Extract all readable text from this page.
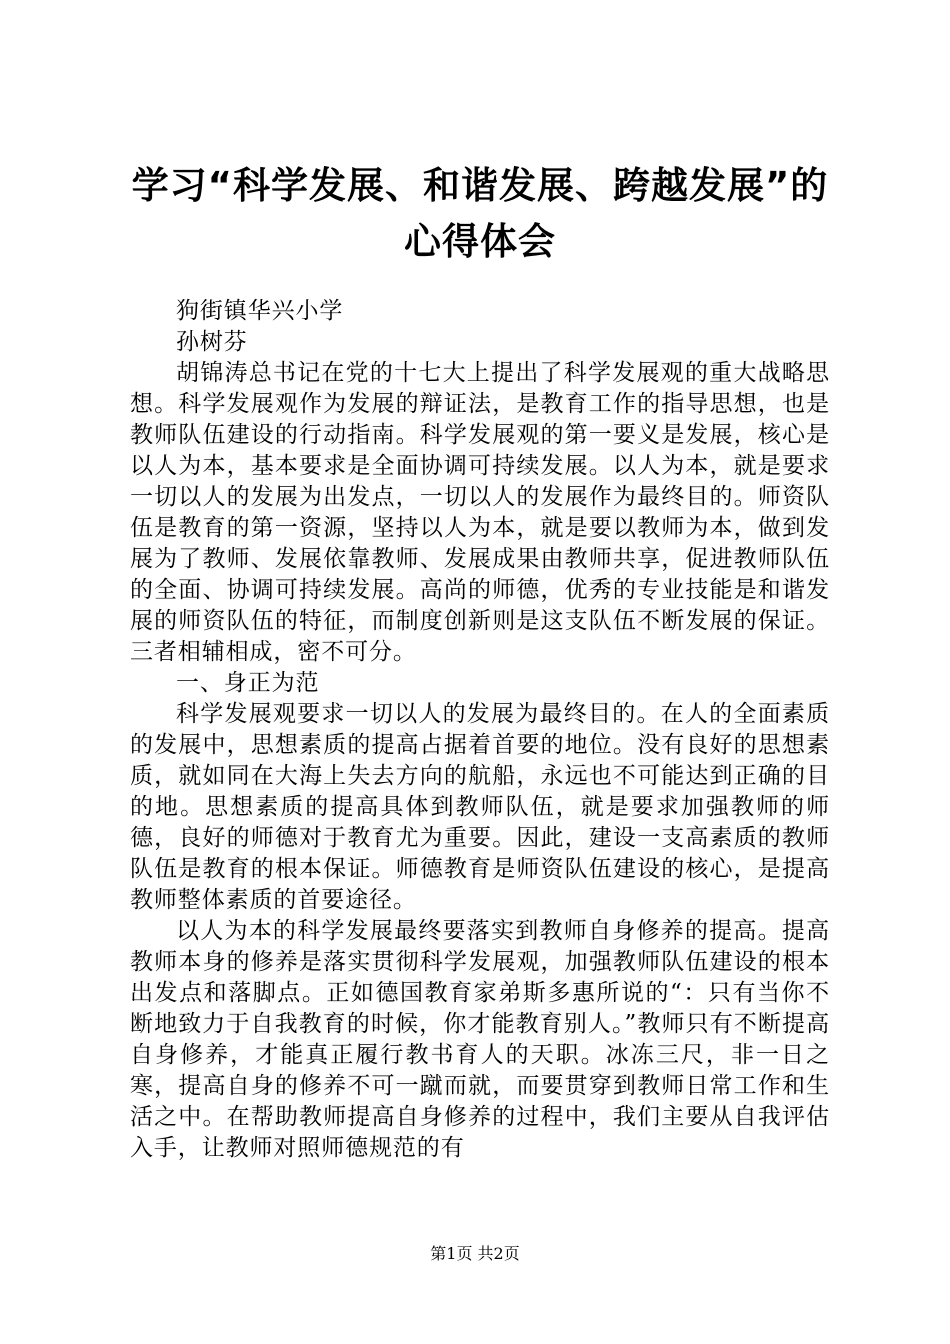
学习“科学发展、和谐发展、跨越发展”的心得体会

狗街镇华兴小学

孙树芬

胡锦涛总书记在党的十七大上提出了科学发展观的重大战略思想。科学发展观作为发展的辩证法，是教育工作的指导思想，也是教师队伍建设的行动指南。科学发展观的第一要义是发展，核心是以人为本，基本要求是全面协调可持续发展。以人为本，就是要求一切以人的发展为出发点，一切以人的发展作为最终目的。师资队伍是教育的第一资源，坚持以人为本，就是要以教师为本，做到发展为了教师、发展依靠教师、发展成果由教师共享，促进教师队伍的全面、协调可持续发展。高尚的师德，优秀的专业技能是和谐发展的师资队伍的特征，而制度创新则是这支队伍不断发展的保证。三者相辅相成，密不可分。

一、身正为范

科学发展观要求一切以人的发展为最终目的。在人的全面素质的发展中，思想素质的提高占据着首要的地位。没有良好的思想素质，就如同在大海上失去方向的航船，永远也不可能达到正确的目的地。思想素质的提高具体到教师队伍，就是要求加强教师的师德，良好的师德对于教育尤为重要。因此，建设一支高素质的教师队伍是教育的根本保证。师德教育是师资队伍建设的核心，是提高教师整体素质的首要途径。

以人为本的科学发展最终要落实到教师自身修养的提高。提高教师本身的修养是落实贯彻科学发展观，加强教师队伍建设的根本出发点和落脚点。正如德国教育家弟斯多惠所说的“：只有当你不断地致力于自我教育的时候，你才能教育别人。”教师只有不断提高自身修养，才能真正履行教书育人的天职。冰冻三尺，非一日之寒，提高自身的修养不可一蹴而就，而要贯穿到教师日常工作和生活之中。在帮助教师提高自身修养的过程中，我们主要从自我评估入手，让教师对照师德规范的有

第1页 共2页
